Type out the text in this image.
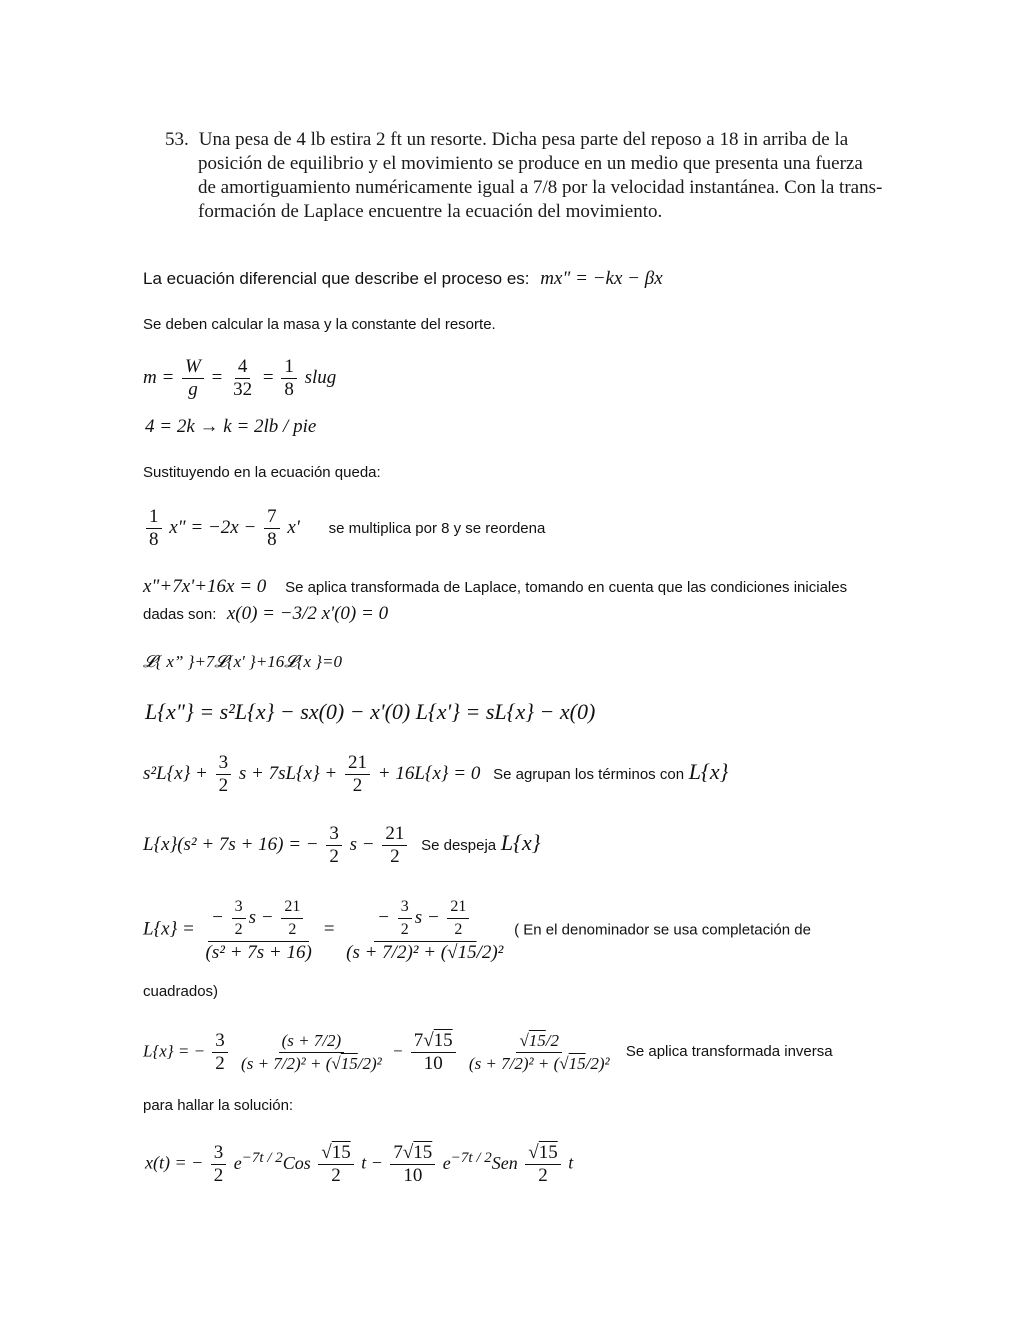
53. Una pesa de 4 lb estira 2 ft un resorte. Dicha pesa parte del reposo a 18 in arriba de la
posición de equilibrio y el movimiento se produce en un medio que presenta una fuerza
de amortiguamiento numéricamente igual a 7/8 por la velocidad instantánea. Con la trans-
formación de Laplace encuentre la ecuación del movimiento.
La ecuación diferencial que describe el proceso es: mx" = −kx − βx
Se deben calcular la masa y la constante del resorte.
$m = \frac{W}{g} = \frac{4}{32} = \frac{1}{8}$ slug
4 = 2k → k = 2lb / pie
Sustituyendo en la ecuación queda:
$\frac{1}{8} x$" = $-2x - \frac{7}{8} x'$ se multiplica por 8 y se reordena
x"+7x'+16x = 0 Se aplica transformada de Laplace, tomando en cuenta que las condiciones iniciales
dadas son: x(0) = −3/2 x'(0) = 0
𝓛{ x” }+7𝓛{x' }+16𝓛{x }=0
L{x"} = s²L{x} − sx(0) − x'(0) L{x'} = sL{x} − x(0)
$s^2L\{x\} + \frac{3}{2}$ $s + 7sL\{x\} + \frac{21}{2} + 16L\{x\} = 0$ Se agrupan los términos con L{x}
L{x}(s² + 7s + 16) = − $\frac{3}{2}$ $s - \frac{21}{2}$ Se despeja L{x}
$L\{x\} = \frac{- \frac{3}{2} s - \frac{21}{2}}{\text{(s² + 7s + 16)}} = \frac{- \frac{3}{2} s - \frac{21}{2}}{\text{(s + 7/2)² + (√15/2)²}}$ ( En el denominador se usa completación de
cuadrados)
L{x} = − $\frac{3}{2}$
$\frac{(s + 7/2)}{\text{(s + 7/2)² + (√15/2)²}} - \frac{7√15}{10}$
$\frac{√15/2}{\text{(s + 7/2)² + (√15/2)²}}$ Se aplica transformada inversa
para hallar la solución:
x(t) = − $\frac{3}{2} e^{-7t / 2}Cos \frac{√15}{2}$ $t - \frac{7√15}{10} e^{-7t / 2}Sen \frac{√15}{2}$ t
